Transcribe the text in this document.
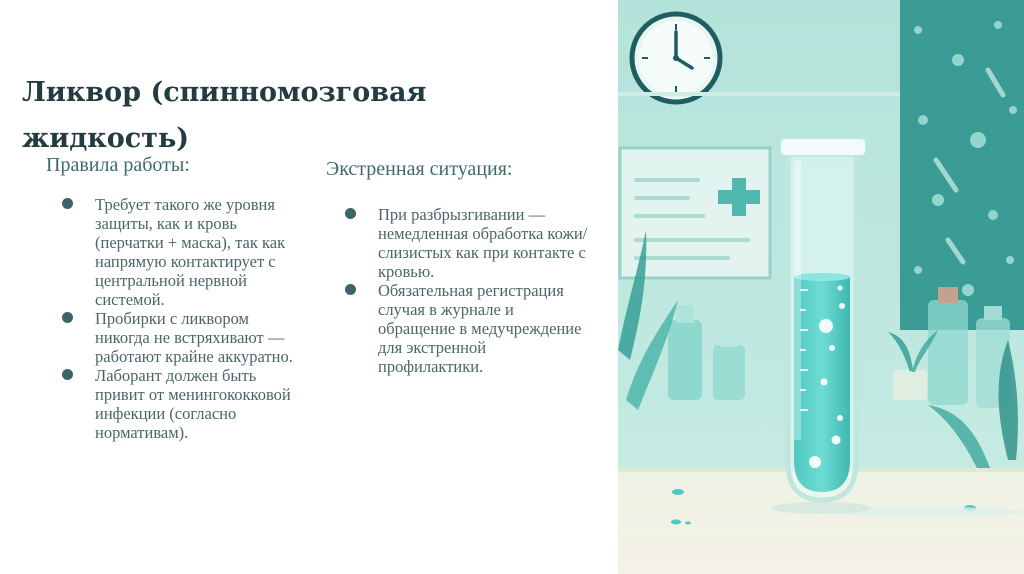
Ликвор (спинномозговая жидкость)
Правила работы:
Требует такого же уровня защиты, как и кровь (перчатки + маска), так как напрямую контактирует с центральной нервной системой.
Пробирки с ликвором никогда не встряхивают — работают крайне аккуратно.
Лаборант должен быть привит от менингококковой инфекции (согласно нормативам).
Экстренная ситуация:
При разбрызгивании — немедленная обработка кожи/слизистых как при контакте с кровью.
Обязательная регистрация случая в журнале и обращение в медучреждение для экстренной профилактики.
